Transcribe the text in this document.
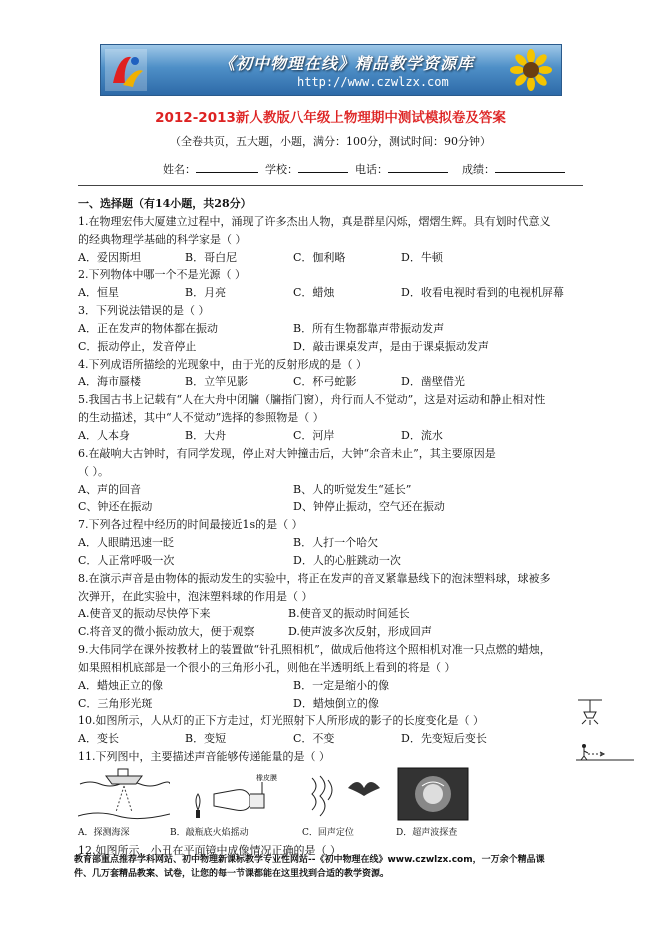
《初中物理在线》精品教学资源库
http://www.czwlzx.com
2012-2013新人教版八年级上物理期中测试模拟卷及答案
（全卷共页，五大题，小题，满分：100分，测试时间：90分钟）
姓名：	学校：	电话：	成绩：
一、选择题（有14小题，共28分）
1.在物理宏伟大厦建立过程中，涌现了许多杰出人物，真是群星闪烁，熠熠生辉。具有划时代意义
的经典物理学基础的科学家是（ ）
A．爱因斯坦	B．哥白尼	C．伽利略	D．牛顿
2.下列物体中哪一个不是光源（ ）
A．恒星	B．月亮	C．蜡烛	D．收看电视时看到的电视机屏幕
3．下列说法错误的是（ ）
A．正在发声的物体都在振动	B．所有生物都靠声带振动发声
C．振动停止，发音停止	D．敲击课桌发声，是由于课桌振动发声
4.下列成语所描绘的光现象中，由于光的反射形成的是（ ）
A．海市蜃楼	B．立竿见影	C．杯弓蛇影	D．凿壁借光
5.我国古书上记载有“人在大舟中闭牖（牖指门窗），舟行而人不觉动”，这是对运动和静止相对性
的生动描述，其中“人不觉动”选择的参照物是（ ）
A．人本身	B．大舟	C．河岸	D．流水
6.在敲响大古钟时，有同学发现，停止对大钟撞击后，大钟“余音未止”，其主要原因是
（ ）。
A、声的回音	B、人的听觉发生“延长”
C、钟还在振动	D、钟停止振动，空气还在振动
7.下列各过程中经历的时间最接近1s的是（ ）
A．人眼睛迅速一眨	B．人打一个哈欠
C．人正常呼吸一次	D．人的心脏跳动一次
8.在演示声音是由物体的振动发生的实验中，将正在发声的音叉紧靠悬线下的泡沫塑料球，球被多
次弹开，在此实验中，泡沫塑料球的作用是（ ）
A.使音叉的振动尽快停下来	B.使音叉的振动时间延长
C.将音叉的微小振动放大，便于观察	D.使声波多次反射，形成回声
9.大伟同学在课外按教材上的装置做“针孔照相机”，做成后他将这个照相机对准一只点燃的蜡烛，
如果照相机底部是一个很小的三角形小孔，则他在半透明纸上看到的将是（ ）
A．蜡烛正立的像	B．一定是缩小的像
C．三角形光斑	D．蜡烛倒立的像
10.如图所示，人从灯的正下方走过，灯光照射下人所形成的影子的长度变化是（ ）
A．变长	B．变短	C．不变	D．先变短后变长
11.下列图中，主要描述声音能够传递能量的是（ ）
橡皮膜
A．探测海深	B．敲瓶底火焰摇动	C．回声定位	D．超声波探查
12.如图所示，小丑在平面镜中成像情况正确的是（ ）
教育部重点推荐学科网站、初中物理新课标教学专业性网站--《初中物理在线》www.czwlzx.com，一万余个精品课
件、几万套精品教案、试卷，让您的每一节课都能在这里找到合适的教学资源。
